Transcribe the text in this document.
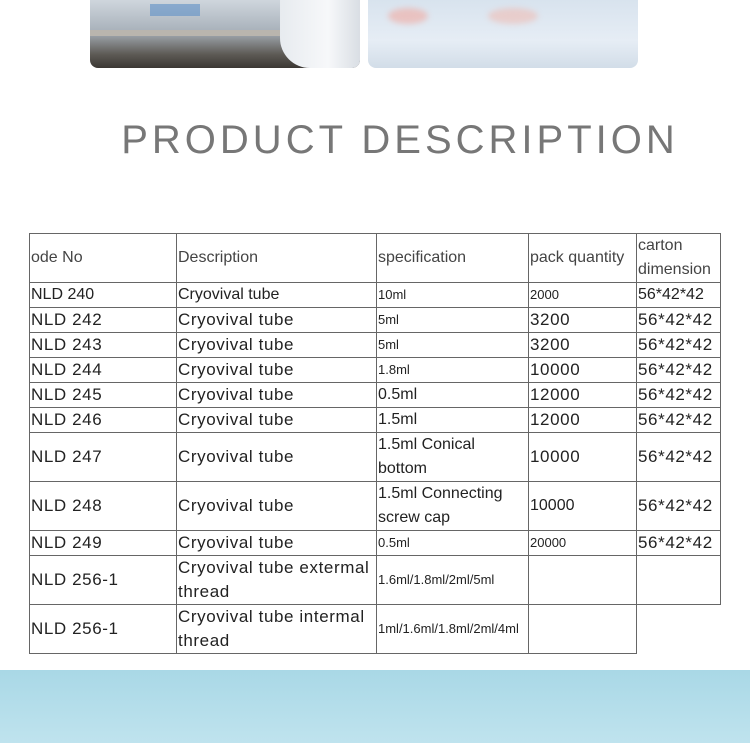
PRODUCT DESCRIPTION
ode No	Description	specification	pack quantity	carton dimension
NLD 240	Cryovival tube	10ml	2000	56*42*42
NLD 242	Cryovival tube	5ml	3200	56*42*42
NLD 243	Cryovival tube	5ml	3200	56*42*42
NLD 244	Cryovival tube	1.8ml	10000	56*42*42
NLD 245	Cryovival tube	0.5ml	12000	56*42*42
NLD 246	Cryovival tube	1.5ml	12000	56*42*42
NLD 247	Cryovival tube	1.5ml Conical bottom	10000	56*42*42
NLD 248	Cryovival tube	1.5ml Connecting screw cap	10000	56*42*42
NLD 249	Cryovival tube	0.5ml	20000	56*42*42
NLD 256-1	Cryovival tube extermal thread	1.6ml/1.8ml/2ml/5ml		
NLD 256-1	Cryovival tube intermal thread	1ml/1.6ml/1.8ml/2ml/4ml		
